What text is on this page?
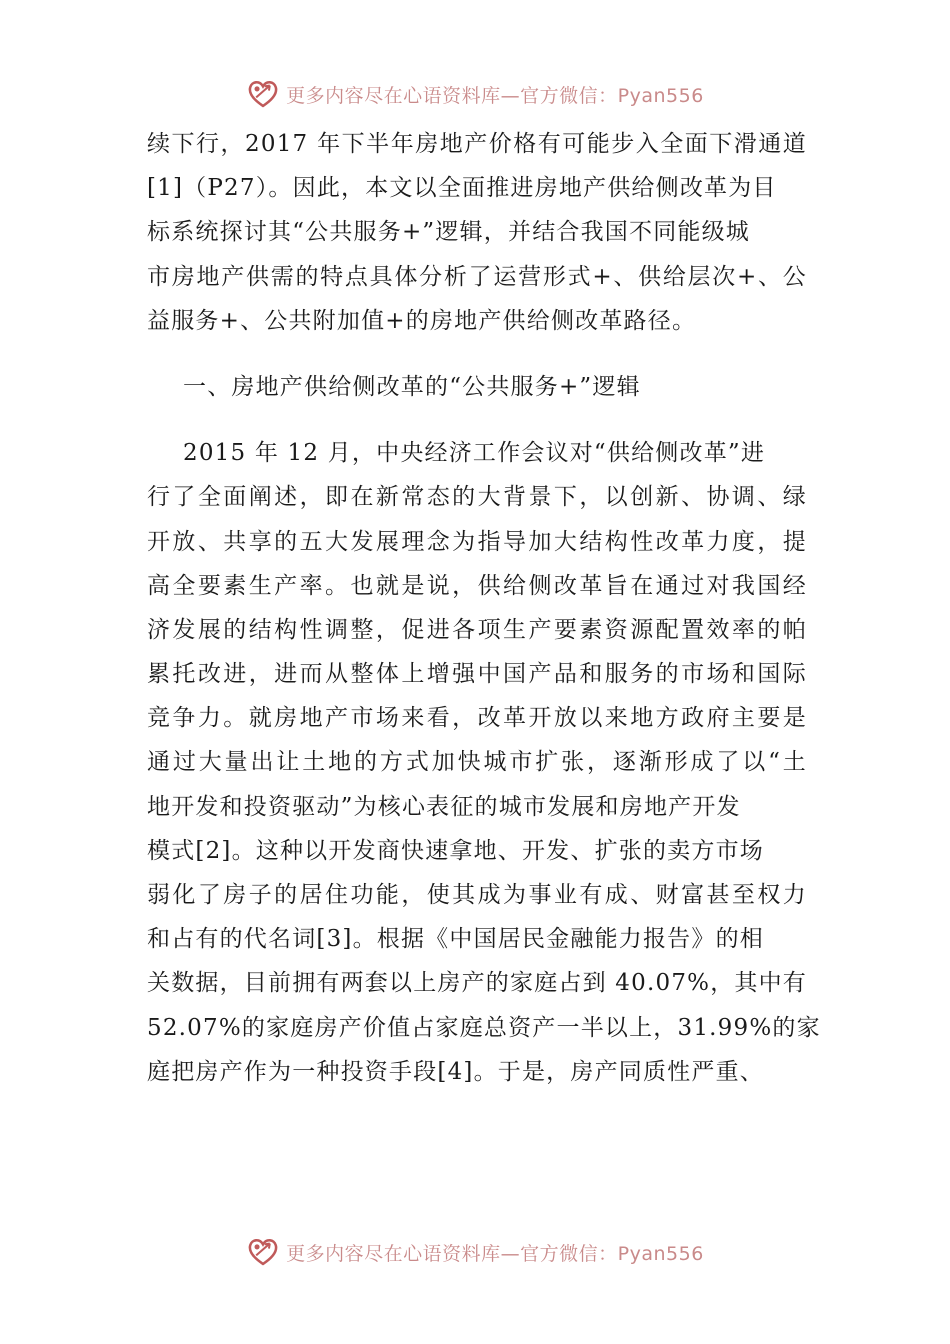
更多内容尽在心语资料库—官方微信：Pyan556
续下行，2017 年下半年房地产价格有可能步入全面下滑通道
[1]（P27）。因此，本文以全面推进房地产供给侧改革为目
标系统探讨其“公共服务+”逻辑，并结合我国不同能级城
市房地产供需的特点具体分析了运营形式+、供给层次+、公
益服务+、公共附加值+的房地产供给侧改革路径。
一、房地产供给侧改革的“公共服务+”逻辑
2015 年 12 月，中央经济工作会议对“供给侧改革”进
行了全面阐述，即在新常态的大背景下，以创新、协调、绿
开放、共享的五大发展理念为指导加大结构性改革力度，提
高全要素生产率。也就是说，供给侧改革旨在通过对我国经
济发展的结构性调整，促进各项生产要素资源配置效率的帕
累托改进，进而从整体上增强中国产品和服务的市场和国际
竞争力。就房地产市场来看，改革开放以来地方政府主要是
通过大量出让土地的方式加快城市扩张，逐渐形成了以“土
地开发和投资驱动”为核心表征的城市发展和房地产开发
模式[2]。这种以开发商快速拿地、开发、扩张的卖方市场
弱化了房子的居住功能，使其成为事业有成、财富甚至权力
和占有的代名词[3]。根据《中国居民金融能力报告》的相
关数据，目前拥有两套以上房产的家庭占到 40.07%，其中有
52.07%的家庭房产价值占家庭总资产一半以上，31.99%的家
庭把房产作为一种投资手段[4]。于是，房产同质性严重、
更多内容尽在心语资料库—官方微信：Pyan556
